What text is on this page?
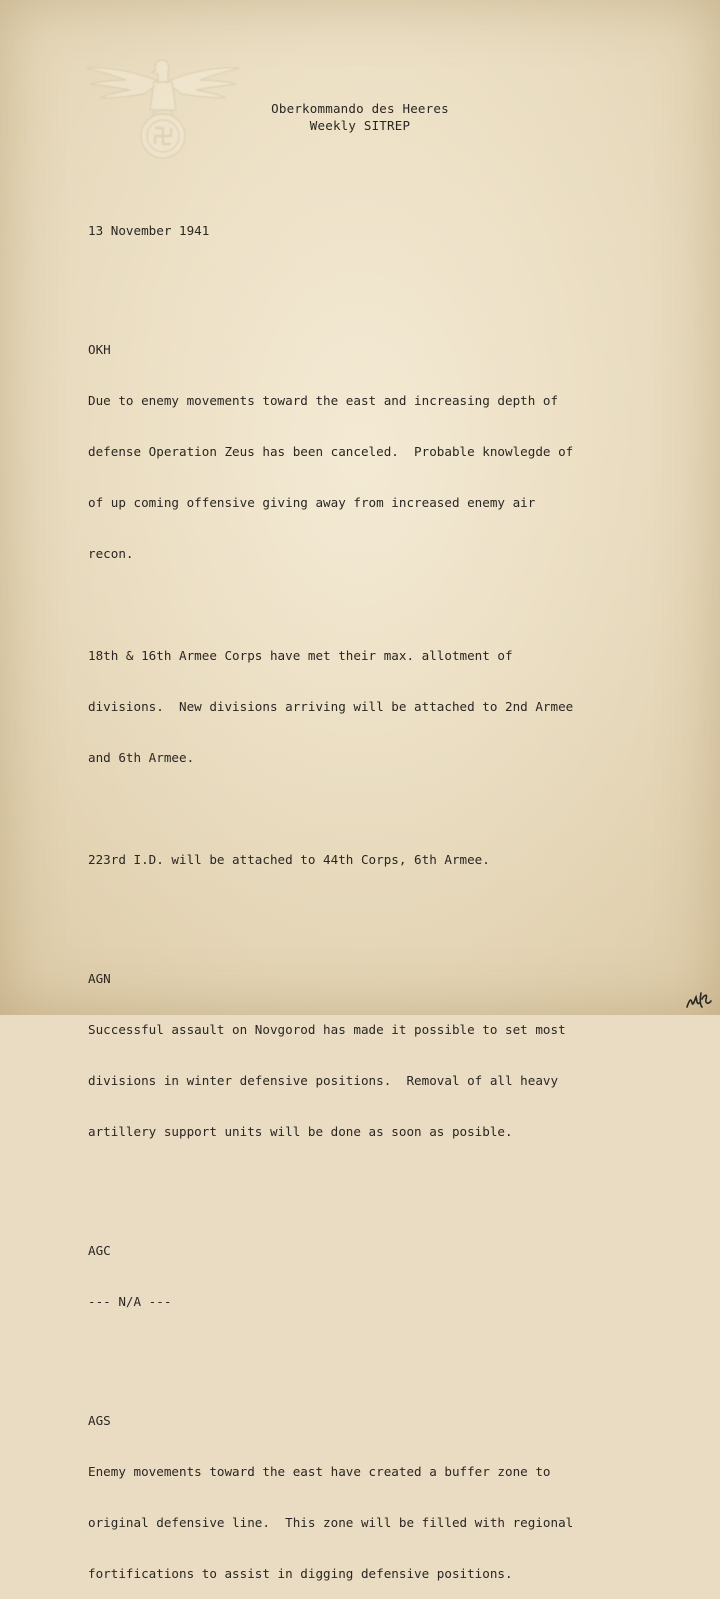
Oberkommando des Heeres
Weekly SITREP

13 November 1941

OKH

Due to enemy movements toward the east and increasing depth of

defense Operation Zeus has been canceled.  Probable knowlegde of

of up coming offensive giving away from increased enemy air

recon.

18th & 16th Armee Corps have met their max. allotment of

divisions.  New divisions arriving will be attached to 2nd Armee

and 6th Armee.

223rd I.D. will be attached to 44th Corps, 6th Armee.

AGN

Successful assault on Novgorod has made it possible to set most

divisions in winter defensive positions.  Removal of all heavy

artillery support units will be done as soon as posible.

AGC

--- N/A ---

AGS

Enemy movements toward the east have created a buffer zone to

original defensive line.  This zone will be filled with regional

fortifications to assist in digging defensive positions.
